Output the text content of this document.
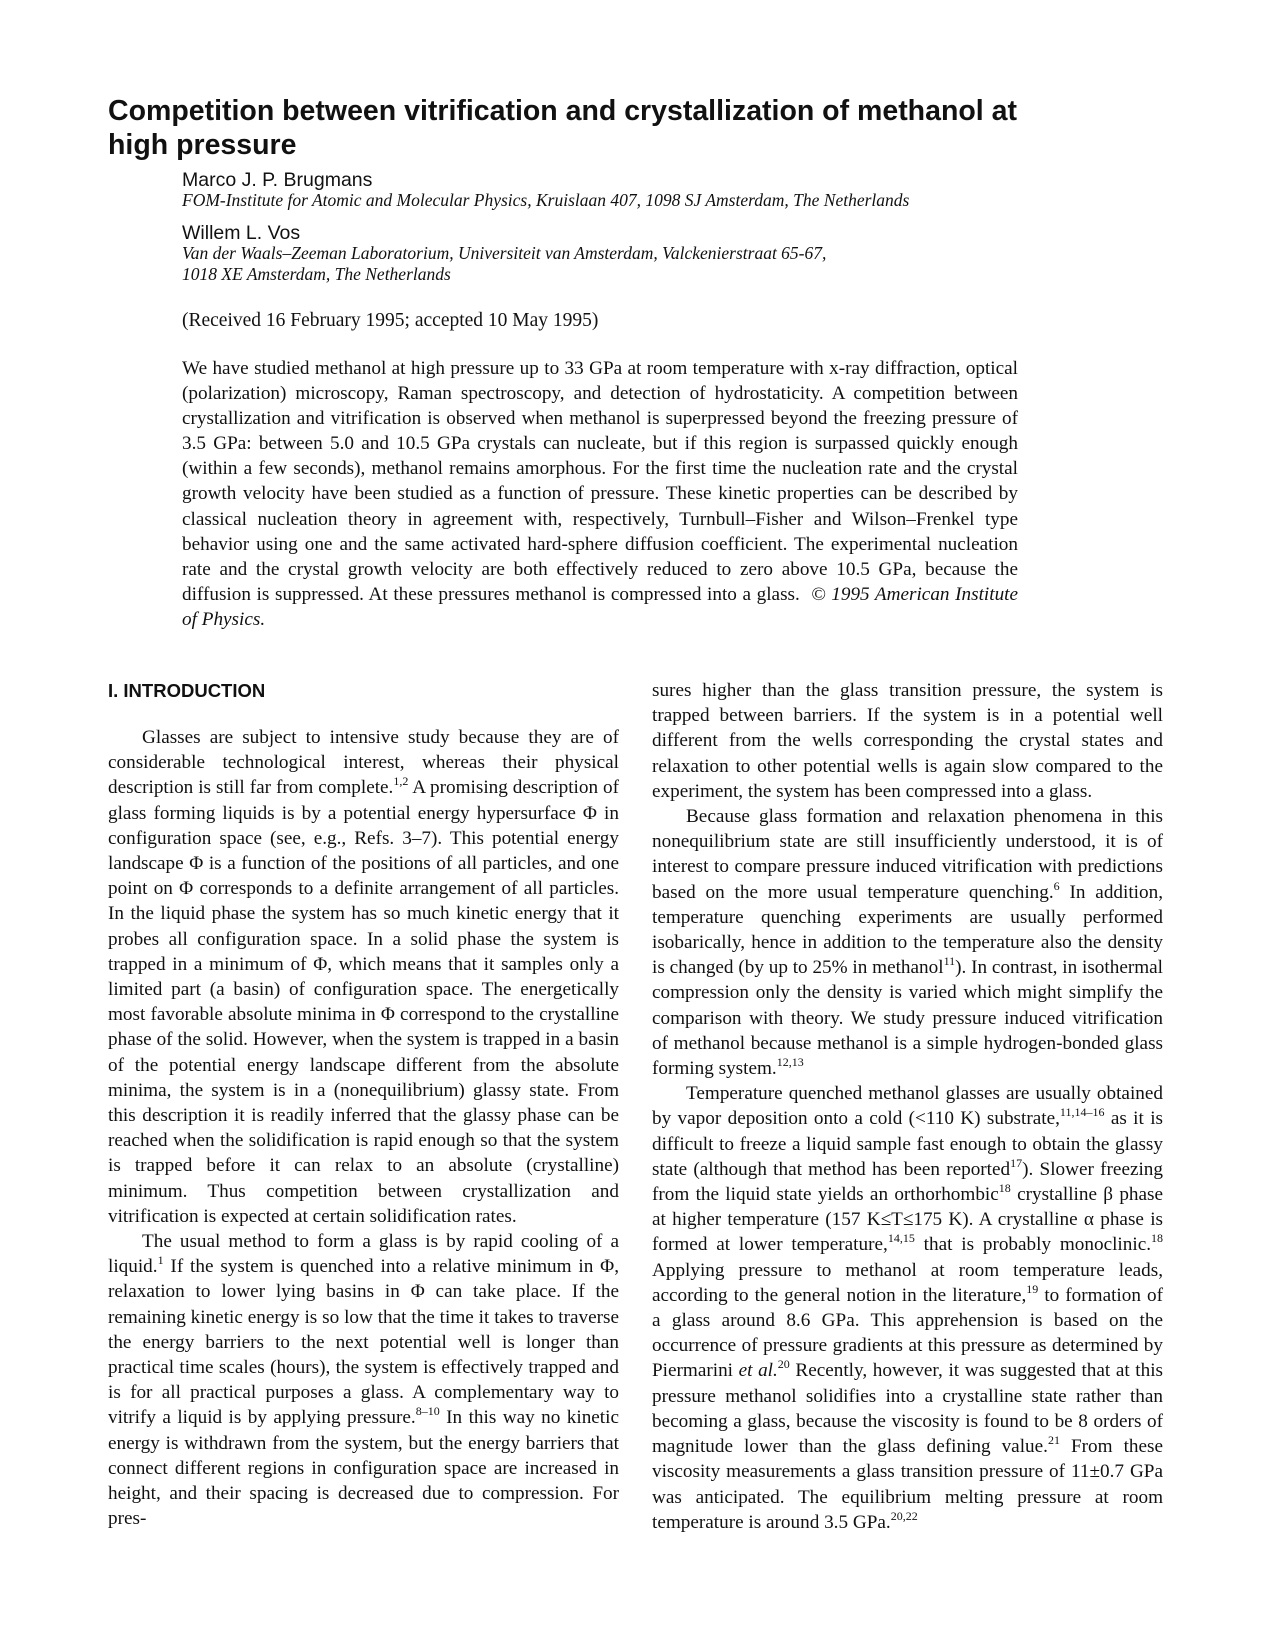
Competition between vitrification and crystallization of methanol at high pressure
Marco J. P. Brugmans
FOM-Institute for Atomic and Molecular Physics, Kruislaan 407, 1098 SJ Amsterdam, The Netherlands
Willem L. Vos
Van der Waals–Zeeman Laboratorium, Universiteit van Amsterdam, Valckenierstraat 65-67,
1018 XE Amsterdam, The Netherlands
(Received 16 February 1995; accepted 10 May 1995)

We have studied methanol at high pressure up to 33 GPa at room temperature with x-ray diffraction, optical (polarization) microscopy, Raman spectroscopy, and detection of hydrostaticity. A competition between crystallization and vitrification is observed when methanol is superpressed beyond the freezing pressure of 3.5 GPa: between 5.0 and 10.5 GPa crystals can nucleate, but if this region is surpassed quickly enough (within a few seconds), methanol remains amorphous. For the first time the nucleation rate and the crystal growth velocity have been studied as a function of pressure. These kinetic properties can be described by classical nucleation theory in agreement with, respectively, Turnbull–Fisher and Wilson–Frenkel type behavior using one and the same activated hard-sphere diffusion coefficient. The experimental nucleation rate and the crystal growth velocity are both effectively reduced to zero above 10.5 GPa, because the diffusion is suppressed. At these pressures methanol is compressed into a glass. © 1995 American Institute of Physics.

I. INTRODUCTION

Glasses are subject to intensive study because they are of considerable technological interest, whereas their physical description is still far from complete.$^{1,2}$ A promising description of glass forming liquids is by a potential energy hypersurface Φ in configuration space (see, e.g., Refs. 3–7). This potential energy landscape Φ is a function of the positions of all particles, and one point on Φ corresponds to a definite arrangement of all particles. In the liquid phase the system has so much kinetic energy that it probes all configuration space. In a solid phase the system is trapped in a minimum of Φ, which means that it samples only a limited part (a basin) of configuration space. The energetically most favorable absolute minima in Φ correspond to the crystalline phase of the solid. However, when the system is trapped in a basin of the potential energy landscape different from the absolute minima, the system is in a (nonequilibrium) glassy state. From this description it is readily inferred that the glassy phase can be reached when the solidification is rapid enough so that the system is trapped before it can relax to an absolute (crystalline) minimum. Thus competition between crystallization and vitrification is expected at certain solidification rates.

The usual method to form a glass is by rapid cooling of a liquid.$^1$ If the system is quenched into a relative minimum in Φ, relaxation to lower lying basins in Φ can take place. If the remaining kinetic energy is so low that the time it takes to traverse the energy barriers to the next potential well is longer than practical time scales (hours), the system is effectively trapped and is for all practical purposes a glass. A complementary way to vitrify a liquid is by applying pressure.$^{8-10}$ In this way no kinetic energy is withdrawn from the system, but the energy barriers that connect different regions in configuration space are increased in height, and their spacing is decreased due to compression. For pres-

sures higher than the glass transition pressure, the system is trapped between barriers. If the system is in a potential well different from the wells corresponding the crystal states and relaxation to other potential wells is again slow compared to the experiment, the system has been compressed into a glass.

Because glass formation and relaxation phenomena in this nonequilibrium state are still insufficiently understood, it is of interest to compare pressure induced vitrification with predictions based on the more usual temperature quenching.$^6$ In addition, temperature quenching experiments are usually performed isobarically, hence in addition to the temperature also the density is changed (by up to 25% in methanol$^{11}$). In contrast, in isothermal compression only the density is varied which might simplify the comparison with theory. We study pressure induced vitrification of methanol because methanol is a simple hydrogen-bonded glass forming system.$^{12,13}$

Temperature quenched methanol glasses are usually obtained by vapor deposition onto a cold (<110 K) substrate,$^{11,14-16}$ as it is difficult to freeze a liquid sample fast enough to obtain the glassy state (although that method has been reported$^{17}$). Slower freezing from the liquid state yields an orthorhombic$^{18}$ crystalline β phase at higher temperature (157 K≤T≤175 K). A crystalline α phase is formed at lower temperature,$^{14,15}$ that is probably monoclinic.$^{18}$ Applying pressure to methanol at room temperature leads, according to the general notion in the literature,$^{19}$ to formation of a glass around 8.6 GPa. This apprehension is based on the occurrence of pressure gradients at this pressure as determined by Piermarini et al.$^{20}$ Recently, however, it was suggested that at this pressure methanol solidifies into a crystalline state rather than becoming a glass, because the viscosity is found to be 8 orders of magnitude lower than the glass defining value.$^{21}$ From these viscosity measurements a glass transition pressure of 11±0.7 GPa was anticipated. The equilibrium melting pressure at room temperature is around 3.5 GPa.$^{20,22}$
